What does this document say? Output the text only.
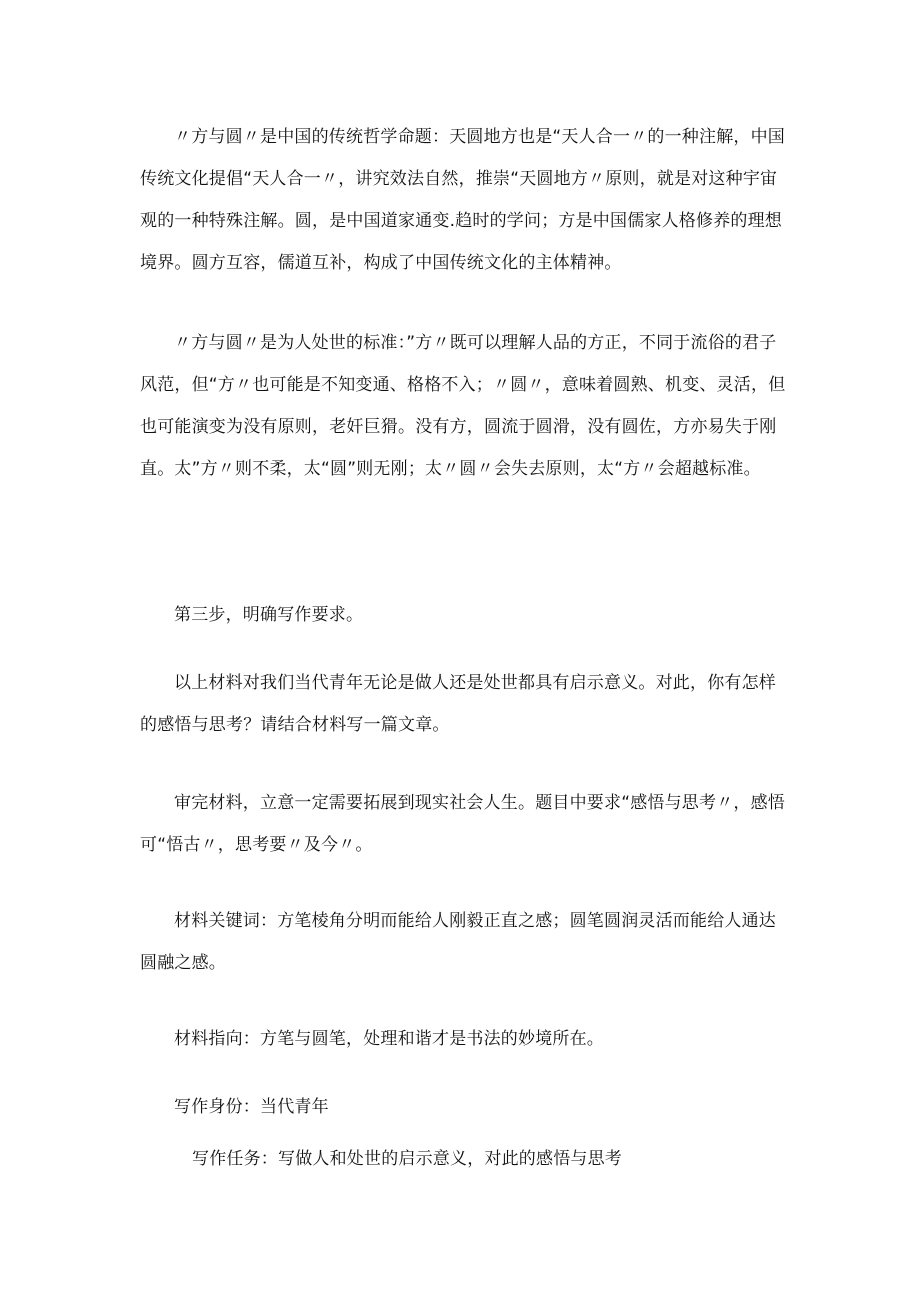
〃方与圆〃是中国的传统哲学命题：天圆地方也是“天人合一〃的一种注解，中国传统文化提倡“天人合一〃，讲究效法自然，推崇“天圆地方〃原则，就是对这种宇宙观的一种特殊注解。圆，是中国道家通变.趋时的学问；方是中国儒家人格修养的理想境界。圆方互容，儒道互补，构成了中国传统文化的主体精神。

〃方与圆〃是为人处世的标准：”方〃既可以理解人品的方正，不同于流俗的君子风范，但“方〃也可能是不知变通、格格不入；〃圆〃，意味着圆熟、机变、灵活，但也可能演变为没有原则，老奸巨猾。没有方，圆流于圆滑，没有圆佐，方亦易失于刚直。太”方〃则不柔，太“圆”则无刚；太〃圆〃会失去原则，太“方〃会超越标准。

第三步，明确写作要求。

以上材料对我们当代青年无论是做人还是处世都具有启示意义。对此，你有怎样的感悟与思考？请结合材料写一篇文章。

审完材料，立意一定需要拓展到现实社会人生。题目中要求“感悟与思考〃，感悟可“悟古〃，思考要〃及今〃。

材料关键词：方笔棱角分明而能给人刚毅正直之感；圆笔圆润灵活而能给人通达圆融之感。

材料指向：方笔与圆笔，处理和谐才是书法的妙境所在。

写作身份：当代青年

写作任务：写做人和处世的启示意义，对此的感悟与思考
